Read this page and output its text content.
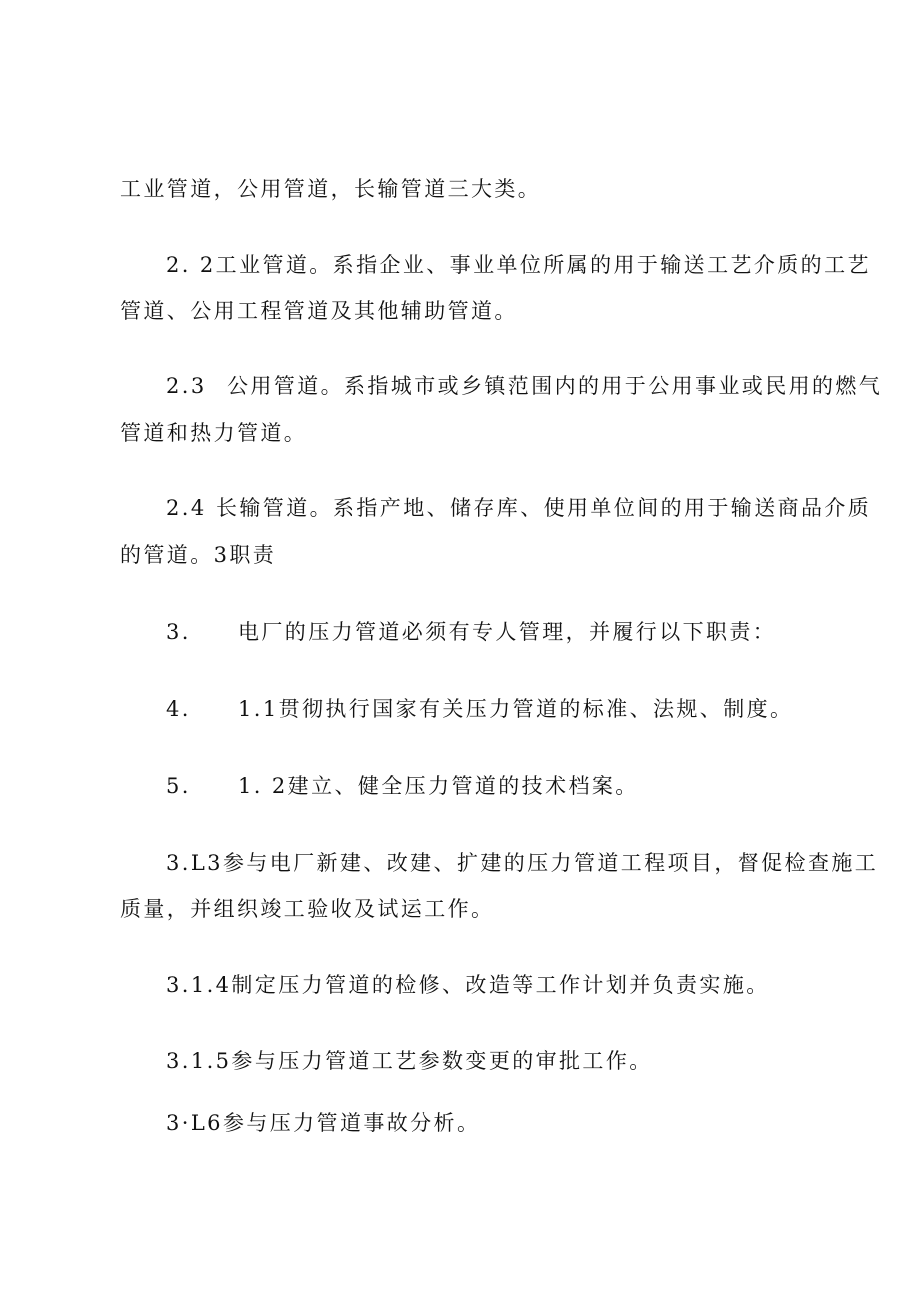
工业管道，公用管道，长输管道三大类。
2. 2工业管道。系指企业、事业单位所属的用于输送工艺介质的工艺
管道、公用工程管道及其他辅助管道。
2.3 公用管道。系指城市或乡镇范围内的用于公用事业或民用的燃气
管道和热力管道。
2.4 长输管道。系指产地、储存库、使用单位间的用于输送商品介质
的管道。3职责
3.	电厂的压力管道必须有专人管理，并履行以下职责：
4.	1.1贯彻执行国家有关压力管道的标准、法规、制度。
5.	1. 2建立、健全压力管道的技术档案。
3.L3参与电厂新建、改建、扩建的压力管道工程项目，督促检查施工
质量，并组织竣工验收及试运工作。
3.1.4制定压力管道的检修、改造等工作计划并负责实施。
3.1.5参与压力管道工艺参数变更的审批工作。
3·L6参与压力管道事故分析。
